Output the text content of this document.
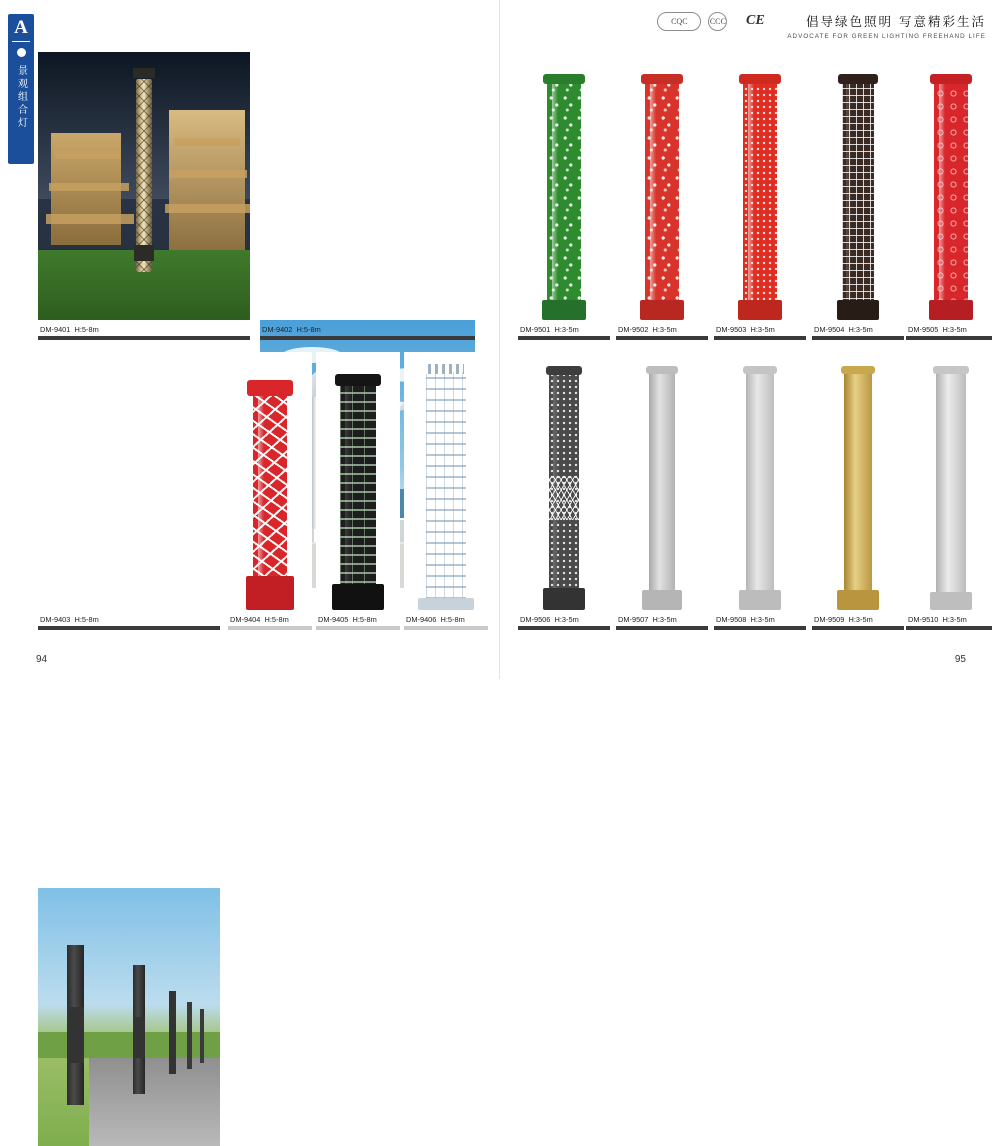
A
景观组合灯
CQC	CCC	CE	倡导绿色照明 写意精彩生活
ADVOCATE FOR GREEN LIGHTING FREEHAND LIFE
DM-9401 H:5-8m	DM-9402 H:5-8m
DM-9403 H:5-8m	DM-9404 H:5-8m	DM-9405 H:5-8m	DM-9406 H:5-8m
DM-9501 H:3-5m	DM-9502 H:3-5m	DM-9503 H:3-5m	DM-9504 H:3-5m	DM-9505 H:3-5m
DM-9506 H:3-5m	DM-9507 H:3-5m	DM-9508 H:3-5m	DM-9509 H:3-5m	DM-9510 H:3-5m
94	95
